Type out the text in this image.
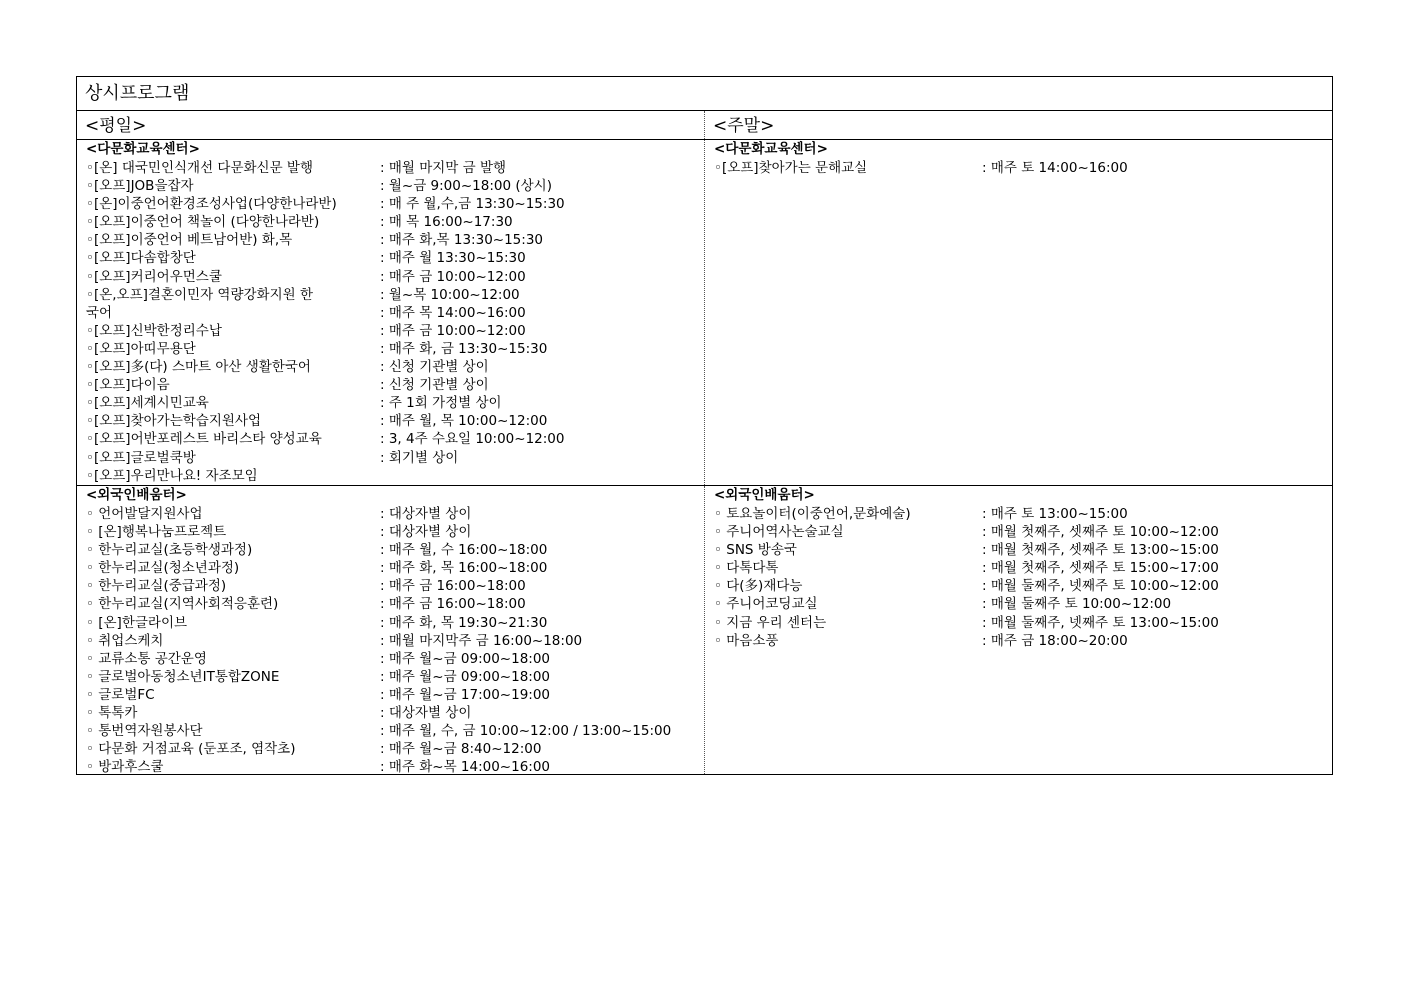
상시프로그램
<평일>	<주말>
<다문화교육센터>
◦[온] 대국민인식개선 다문화신문 발행	: 매월 마지막 금 발행
◦[오프]JOB을잡자	: 월~금 9:00~18:00 (상시)
◦[온]이중언어환경조성사업(다양한나라반)	: 매 주 월,수,금 13:30~15:30
◦[오프]이중언어 책놀이 (다양한나라반)	: 매 목 16:00~17:30
◦[오프]이중언어 베트남어반) 화,목	: 매주 화,목 13:30~15:30
◦[오프]다솜합창단	: 매주 월 13:30~15:30
◦[오프]커리어우먼스쿨	: 매주 금 10:00~12:00
◦[온,오프]결혼이민자 역량강화지원 한	: 월~목 10:00~12:00
국어	: 매주 목 14:00~16:00
◦[오프]신박한정리수납	: 매주 금 10:00~12:00
◦[오프]아띠무용단	: 매주 화, 금 13:30~15:30
◦[오프]多(다) 스마트 아산 생활한국어	: 신청 기관별 상이
◦[오프]다이음	: 신청 기관별 상이
◦[오프]세계시민교육	: 주 1회 가정별 상이
◦[오프]찾아가는학습지원사업	: 매주 월, 목 10:00~12:00
◦[오프]어반포레스트 바리스타 양성교육	: 3, 4주 수요일 10:00~12:00
◦[오프]글로벌쿡방	: 회기별 상이
◦[오프]우리만나요! 자조모임
<다문화교육센터>
◦[오프]찾아가는 문해교실	: 매주 토 14:00~16:00
<외국인배움터>
◦ 언어발달지원사업	: 대상자별 상이
◦ [온]행복나눔프로젝트	: 대상자별 상이
◦ 한누리교실(초등학생과정)	: 매주 월, 수 16:00~18:00
◦ 한누리교실(청소년과정)	: 매주 화, 목 16:00~18:00
◦ 한누리교실(중급과정)	: 매주 금 16:00~18:00
◦ 한누리교실(지역사회적응훈련)	: 매주 금 16:00~18:00
◦ [온]한글라이브	: 매주 화, 목 19:30~21:30
◦ 취업스케치	: 매월 마지막주 금 16:00~18:00
◦ 교류소통 공간운영	: 매주 월~금 09:00~18:00
◦ 글로벌아동청소년IT통합ZONE	: 매주 월~금 09:00~18:00
◦ 글로벌FC	: 매주 월~금 17:00~19:00
◦ 톡톡카	: 대상자별 상이
◦ 통번역자원봉사단	: 매주 월, 수, 금 10:00~12:00 / 13:00~15:00
◦ 다문화 거점교육 (둔포조, 염작초)	: 매주 월~금 8:40~12:00
◦ 방과후스쿨	: 매주 화~목 14:00~16:00
<외국인배움터>
◦ 토요놀이터(이중언어,문화예술)	: 매주 토 13:00~15:00
◦ 주니어역사논술교실	: 매월 첫째주, 셋째주 토 10:00~12:00
◦ SNS 방송국	: 매월 첫째주, 셋째주 토 13:00~15:00
◦ 다톡다톡	: 매월 첫째주, 셋째주 토 15:00~17:00
◦ 다(多)재다능	: 매월 둘째주, 넷째주 토 10:00~12:00
◦ 주니어코딩교실	: 매월 둘째주 토 10:00~12:00
◦ 지금 우리 센터는	: 매월 둘째주, 넷째주 토 13:00~15:00
◦ 마음소풍	: 매주 금 18:00~20:00
